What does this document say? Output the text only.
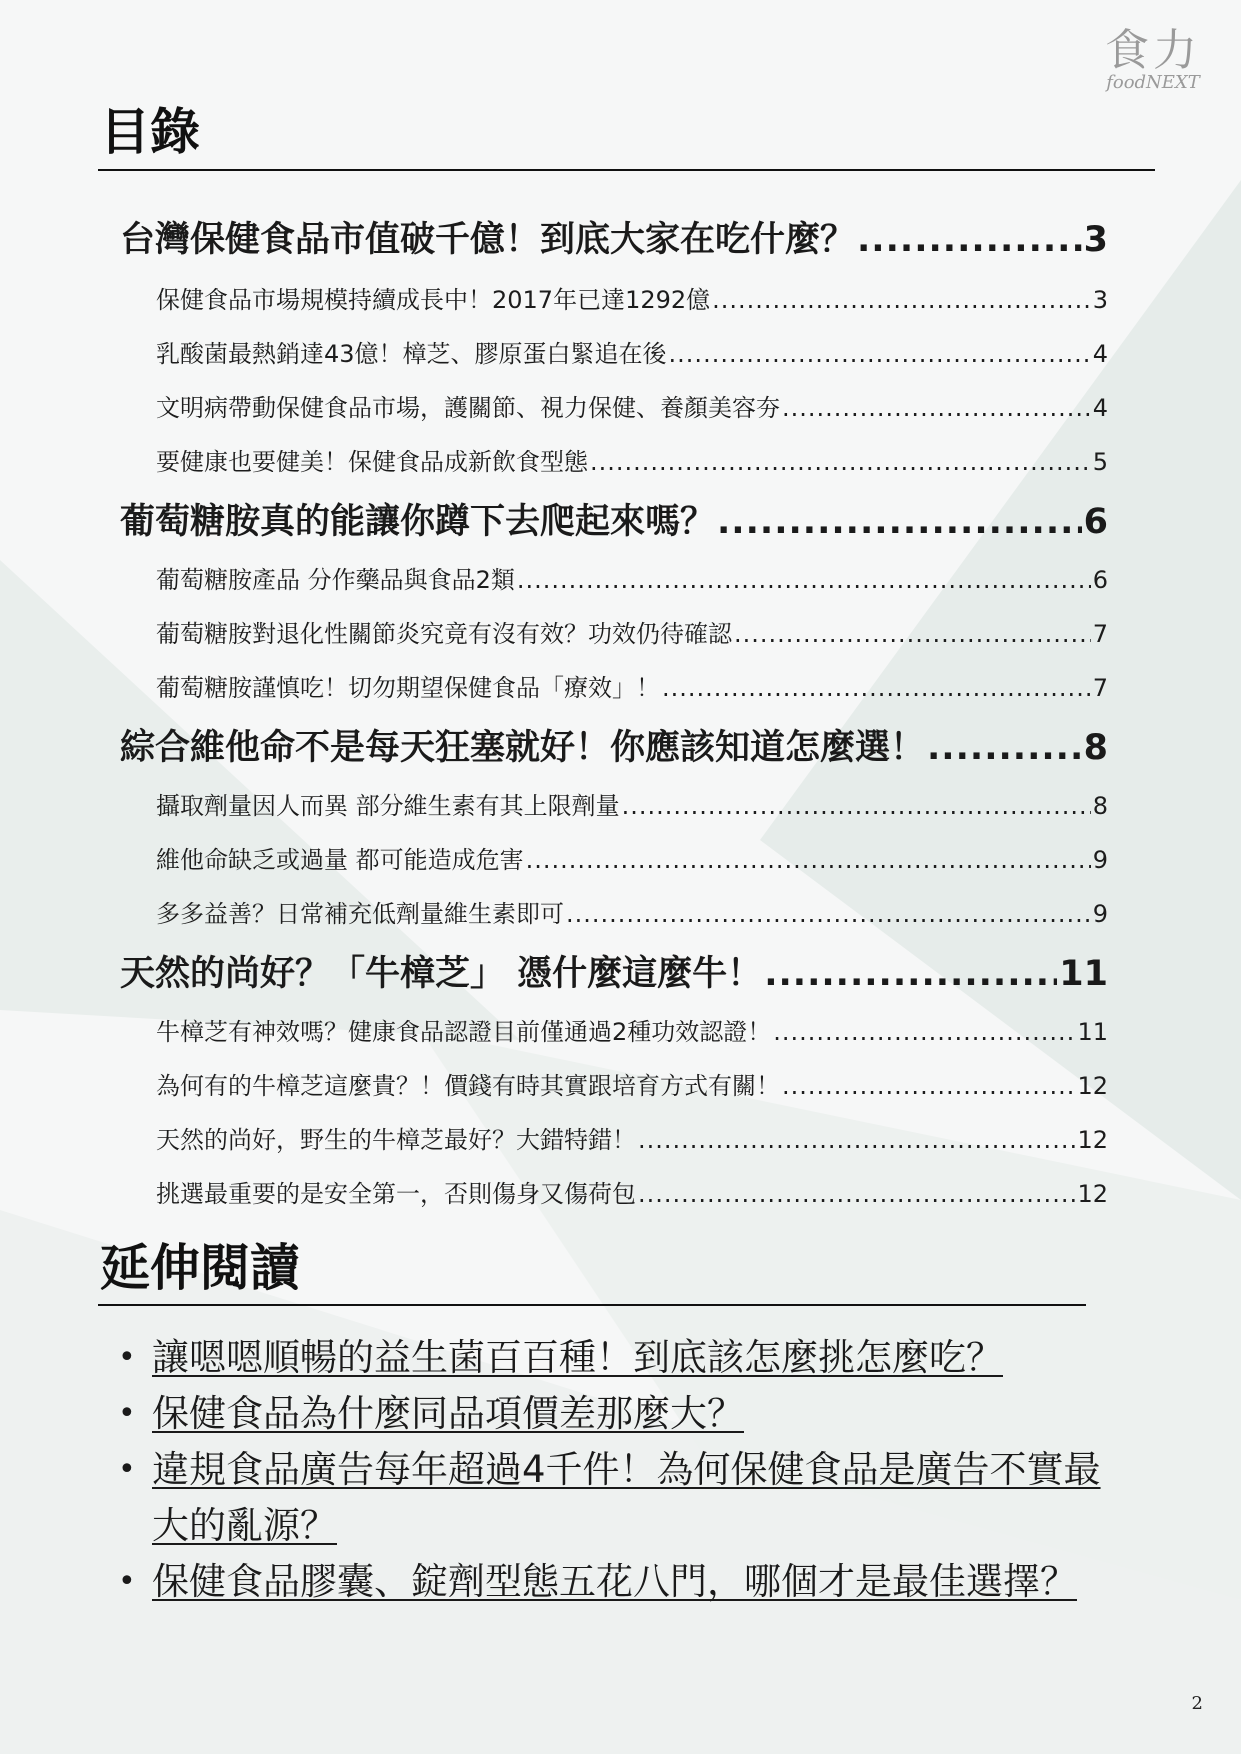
食力
foodNEXT
目錄
台灣保健食品市值破千億！到底大家在吃什麼？ .....	3
保健食品市場規模持續成長中！2017年已達1292億 .....	3
乳酸菌最熱銷達43億！樟芝、膠原蛋白緊追在後 .....	4
文明病帶動保健食品市場，護關節、視力保健、養顏美容夯 .....	4
要健康也要健美！保健食品成新飲食型態 .....	5
葡萄糖胺真的能讓你蹲下去爬起來嗎？ .....	6
葡萄糖胺產品 分作藥品與食品2類 .....	6
葡萄糖胺對退化性關節炎究竟有沒有效？功效仍待確認 .....	7
葡萄糖胺謹慎吃！切勿期望保健食品「療效」！ .....	7
綜合維他命不是每天狂塞就好！你應該知道怎麼選！ .....	8
攝取劑量因人而異 部分維生素有其上限劑量 .....	8
維他命缺乏或過量 都可能造成危害 .....	9
多多益善？日常補充低劑量維生素即可 .....	9
天然的尚好？「牛樟芝」 憑什麼這麼牛！ .....	11
牛樟芝有神效嗎？健康食品認證目前僅通過2種功效認證！ .....	11
為何有的牛樟芝這麼貴？！價錢有時其實跟培育方式有關！ .....	12
天然的尚好，野生的牛樟芝最好？大錯特錯！ .....	12
挑選最重要的是安全第一，否則傷身又傷荷包 .....	12
延伸閱讀
• 讓嗯嗯順暢的益生菌百百種！到底該怎麼挑怎麼吃？
• 保健食品為什麼同品項價差那麼大？
• 違規食品廣告每年超過4千件！為何保健食品是廣告不實最大的亂源？
• 保健食品膠囊、錠劑型態五花八門，哪個才是最佳選擇？
2
